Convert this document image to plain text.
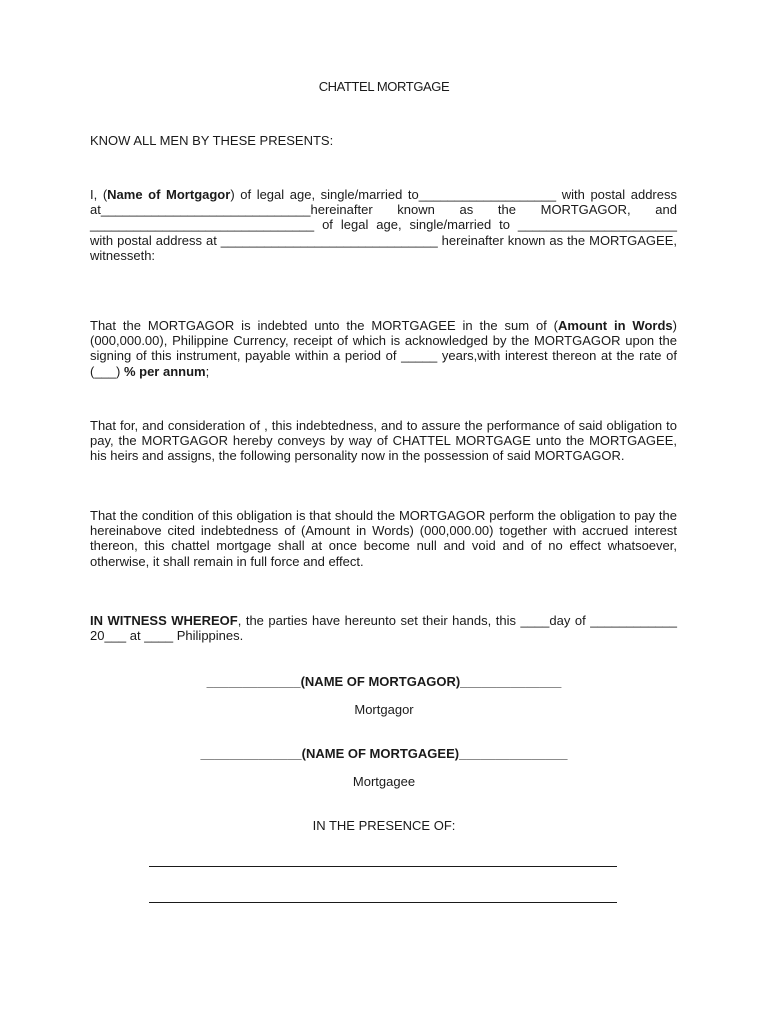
CHATTEL MORTGAGE
KNOW ALL MEN BY THESE PRESENTS:
I, (Name of Mortgagor) of legal age, single/married to___________________ with postal address at_____________________________hereinafter known as the MORTGAGOR, and _______________________________ of legal age, single/married to ______________________ with postal address at ______________________________ hereinafter known as the MORTGAGEE, witnesseth:
That the MORTGAGOR is indebted unto the MORTGAGEE in the sum of (Amount in Words) (000,000.00), Philippine Currency, receipt of which is acknowledged by the MORTGAGOR upon the signing of this instrument, payable within a period of _____ years,with interest thereon at the rate of (___) % per annum;
That for, and consideration of , this indebtedness, and to assure the performance of said obligation to pay, the MORTGAGOR hereby conveys by way of CHATTEL MORTGAGE unto the MORTGAGEE, his heirs and assigns, the following personality now in the possession of said MORTGAGOR.
That the condition of this obligation is that should the MORTGAGOR perform the obligation to pay the hereinabove cited indebtedness of (Amount in Words) (000,000.00) together with accrued interest thereon, this chattel mortgage shall at once become null and void and of no effect whatsoever, otherwise, it shall remain in full force and effect.
IN WITNESS WHEREOF, the parties have hereunto set their hands, this ____day of ____________ 20___ at ____ Philippines.
_____________(NAME OF MORTGAGOR)______________
Mortgagor
______________(NAME OF MORTGAGEE)_______________
Mortgagee
IN THE PRESENCE OF:
